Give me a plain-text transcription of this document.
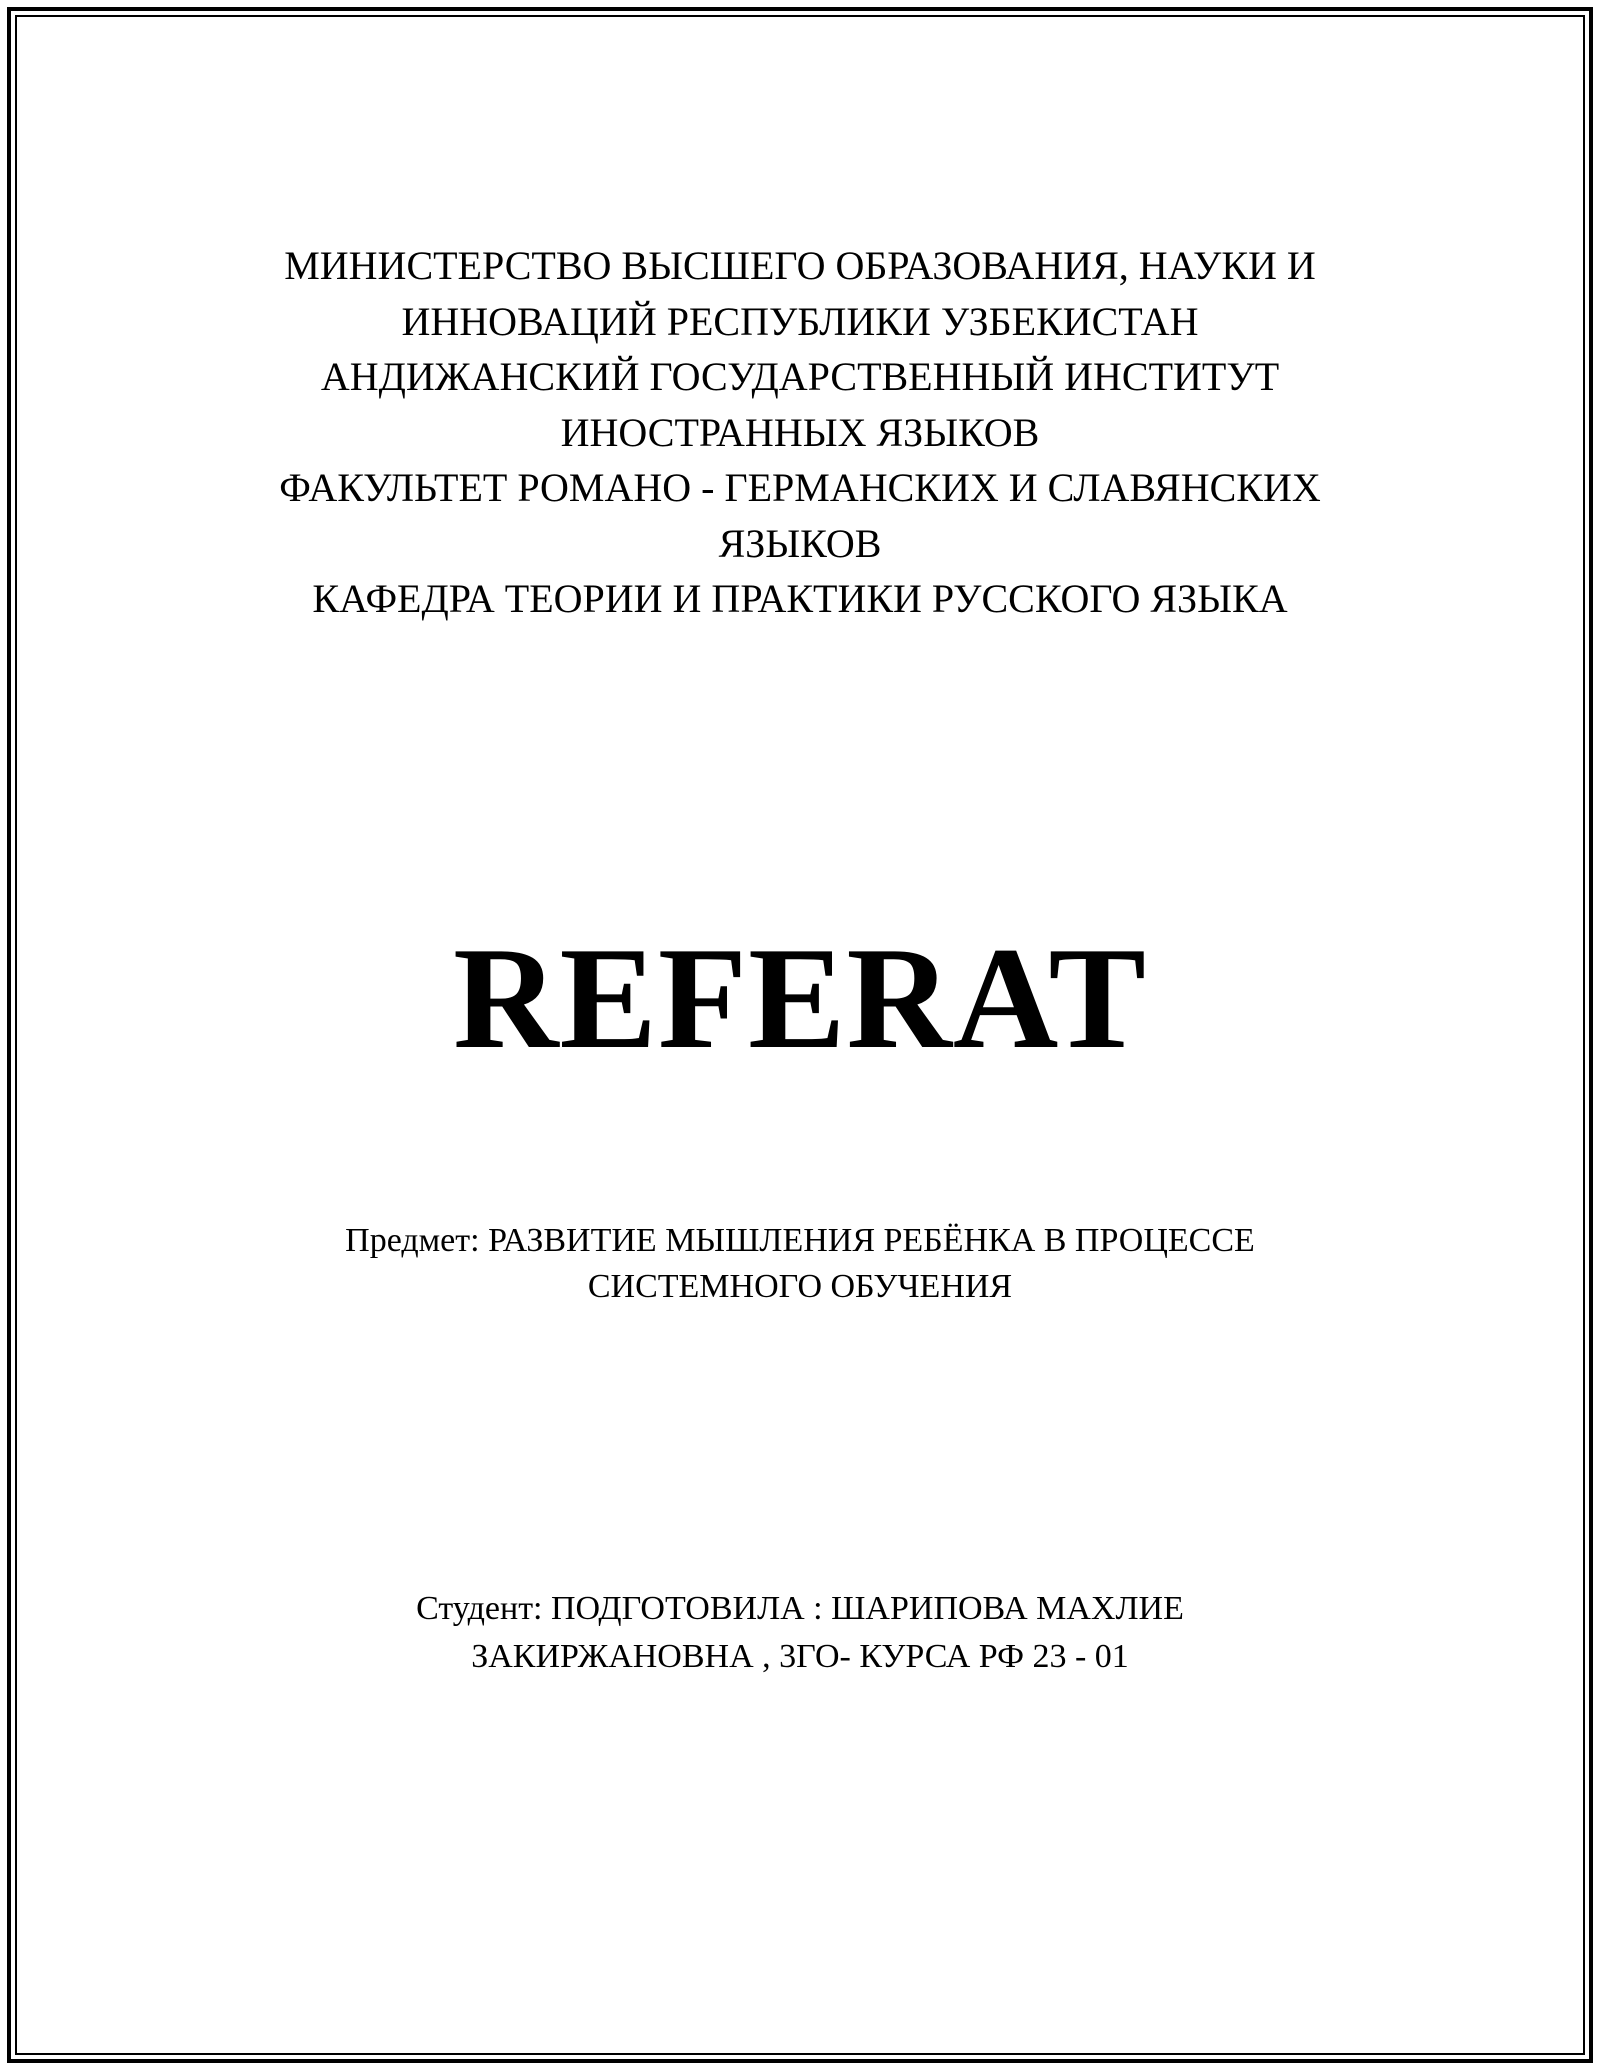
МИНИСТЕРСТВО ВЫСШЕГО ОБРАЗОВАНИЯ, НАУКИ И
ИННОВАЦИЙ РЕСПУБЛИКИ УЗБЕКИСТАН
АНДИЖАНСКИЙ ГОСУДАРСТВЕННЫЙ ИНСТИТУТ
ИНОСТРАННЫХ ЯЗЫКОВ
ФАКУЛЬТЕТ РОМАНО - ГЕРМАНСКИХ И СЛАВЯНСКИХ
ЯЗЫКОВ
КАФЕДРА ТЕОРИИ И ПРАКТИКИ РУССКОГО ЯЗЫКА
REFERAT
Предмет: РАЗВИТИЕ МЫШЛЕНИЯ РЕБЁНКА В ПРОЦЕССЕ
СИСТЕМНОГО ОБУЧЕНИЯ
Студент: ПОДГОТОВИЛА : ШАРИПОВА МАХЛИЕ
ЗАКИРЖАНОВНА , 3ГО- КУРСА РФ 23 - 01
